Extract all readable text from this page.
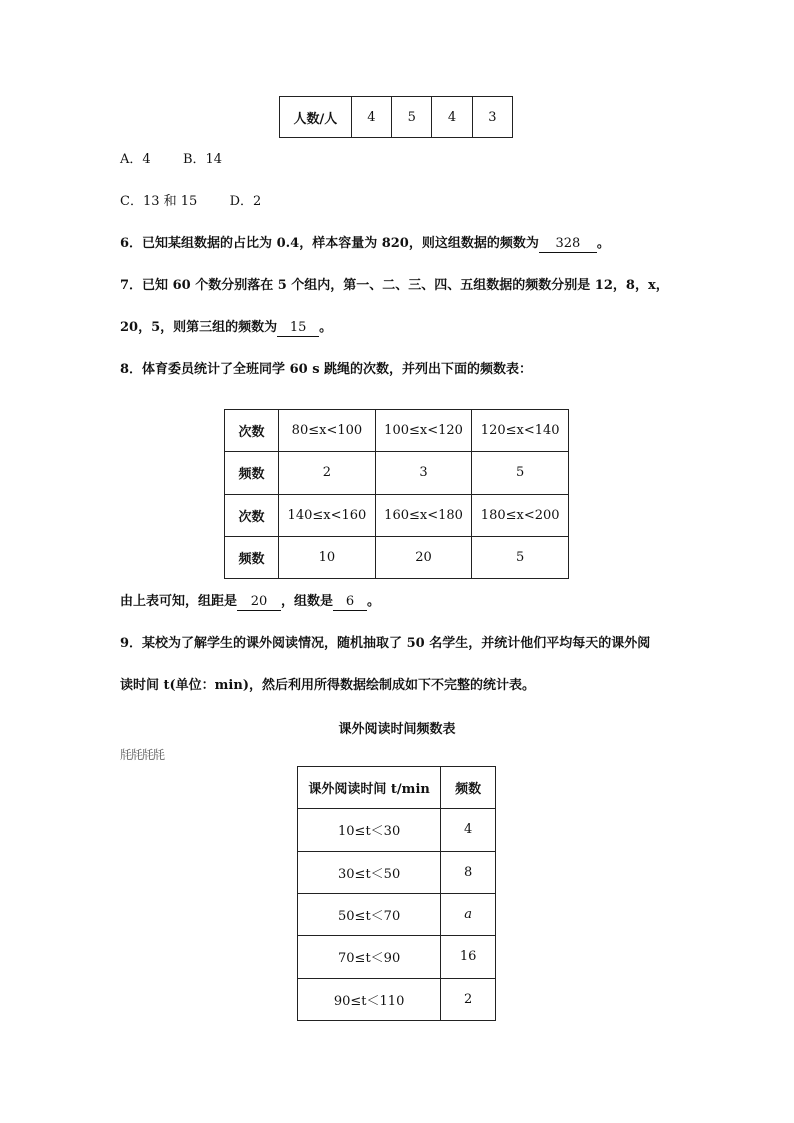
人数/人	4	5	4	3
A．4 B．14
C．13 和 15 D．2
6．已知某组数据的占比为 0.4，样本容量为 820，则这组数据的频数为 328 。
7．已知 60 个数分别落在 5 个组内，第一、二、三、四、五组数据的频数分别是 12，8，x，
20，5，则第三组的频数为 15 。
8．体育委员统计了全班同学 60 s 跳绳的次数，并列出下面的频数表：
次数	80≤x<100	100≤x<120	120≤x<140
频数	2	3	5
次数	140≤x<160	160≤x<180	180≤x<200
频数	10	20	5
由上表可知，组距是 20 ，组数是 6 。
9．某校为了解学生的课外阅读情况，随机抽取了 50 名学生，并统计他们平均每天的课外阅
读时间 t(单位：min)，然后利用所得数据绘制成如下不完整的统计表。
课外阅读时间频数表
㲏㲏㲏㲏
课外阅读时间 t/min	频数
10≤t＜30	4
30≤t＜50	8
50≤t＜70	a
70≤t＜90	16
90≤t＜110	2
